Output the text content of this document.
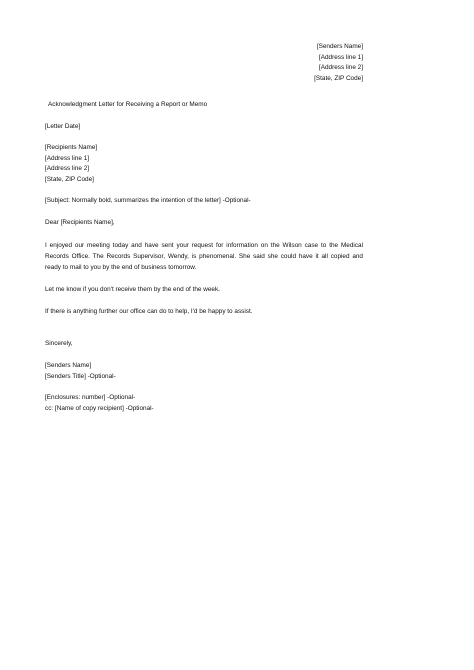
[Senders Name]
[Address line 1]
[Address line 2]
[State, ZIP Code]
Acknowledgment Letter for Receiving a Report or Memo
[Letter Date]
[Recipients Name]
[Address line 1]
[Address line 2]
[State, ZIP Code]
[Subject: Normally bold, summarizes the intention of the letter] -Optional-
Dear [Recipients Name],
I enjoyed our meeting today and have sent your request for information on the Wilson case to the Medical Records Office. The Records Supervisor, Wendy, is phenomenal. She said she could have it all copied and ready to mail to you by the end of business tomorrow.
Let me know if you don't receive them by the end of the week.
If there is anything further our office can do to help, I'd be happy to assist.
Sincerely,
[Senders Name]
[Senders Title] -Optional-
[Enclosures: number] -Optional-
cc: [Name of copy recipient] -Optional-
